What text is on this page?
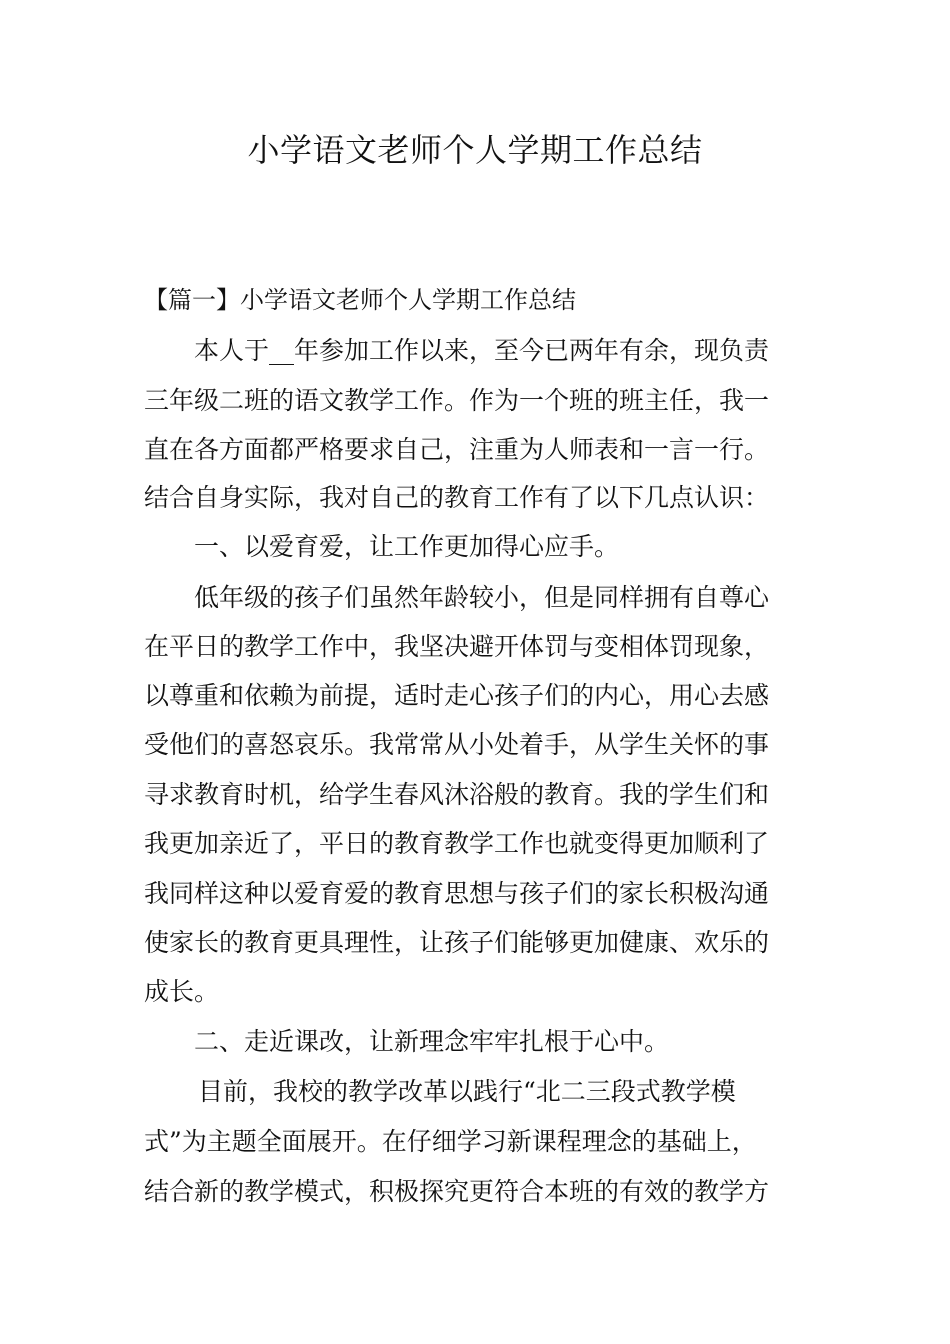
小学语文老师个人学期工作总结
【篇一】小学语文老师个人学期工作总结
本人于__年参加工作以来，至今已两年有余，现负责
三年级二班的语文教学工作。作为一个班的班主任，我一
直在各方面都严格要求自己，注重为人师表和一言一行。
结合自身实际，我对自己的教育工作有了以下几点认识：
一、以爱育爱，让工作更加得心应手。
低年级的孩子们虽然年龄较小，但是同样拥有自尊心
在平日的教学工作中，我坚决避开体罚与变相体罚现象，
以尊重和依赖为前提，适时走心孩子们的内心，用心去感
受他们的喜怒哀乐。我常常从小处着手，从学生关怀的事
寻求教育时机，给学生春风沐浴般的教育。我的学生们和
我更加亲近了，平日的教育教学工作也就变得更加顺利了
我同样这种以爱育爱的教育思想与孩子们的家长积极沟通
使家长的教育更具理性，让孩子们能够更加健康、欢乐的
成长。
二、走近课改，让新理念牢牢扎根于心中。
目前，我校的教学改革以践行“北二三段式教学模
式”为主题全面展开。在仔细学习新课程理念的基础上，
结合新的教学模式，积极探究更符合本班的有效的教学方
